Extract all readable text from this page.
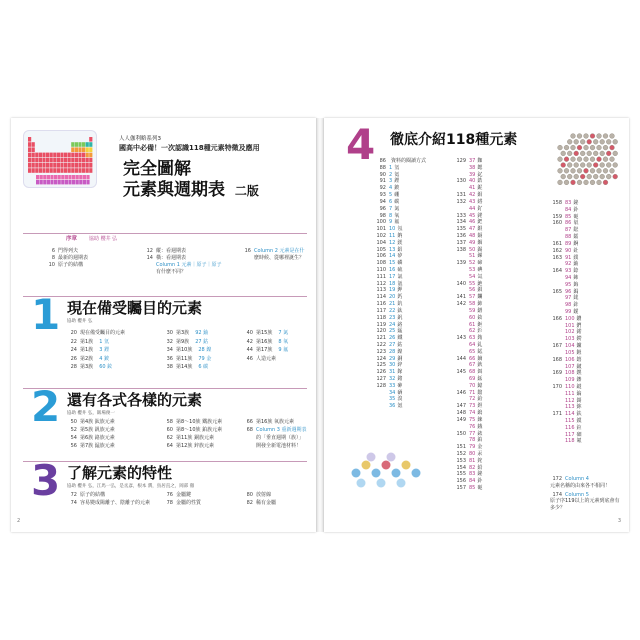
人人伽利略系列3
國高中必備！一次認識118種元素特徵及應用
完全圖解
元素與週期表 二版
序章 協助 櫻井 弘
6 門得列夫
8 最新的週期表
10 原子的結構
12 縱：看週期表
14 橫：看週期表
Column 1 元素｜原子｜原子
有什麼不同？
16 Column 2 元素是在什
麼時候、從哪裡誕生？
1 現在備受矚目的元素
協助 櫻井 弘
20 現在備受矚目的元素
22 第1族 1 氫
24 第1族 3 鋰
26 第2族 4 鈹
28 第3族 60 釹
30 第3族 92 鈾
32 第9族 27 鈷
34 第10族 28 鎳
36 第11族 79 金
38 第14族 6 碳
40 第15族 7 氮
42 第16族 8 氧
44 第17族 9 氟
46 人造元素
2 還有各式各樣的元素
協助 櫻井 弘，飯場俊一
50 第4族 鈦族元素
52 第5族 釩族元素
54 第6族 鉻族元素
56 第7族 錳族元素
58 第8～10族 鐵族元素
60 第8～10族 鉑族元素
62 第11族 銅族元素
64 第12族 鋅族元素
66 第16族 氧族元素
68 Column 3 重新週期表
的「垂直週期（族）」
開發全新電池材料！
3 了解元素的特性
協助 櫻井 弘，江馬一弘，是丞彥，根本 潤，鳥居直之，岡部 徹
72 原子的結構
74 容易變成陽離子、陰離子的元素
76 金屬鍵
78 金屬的性質
80 放射線
82 稀有金屬
2
4 徹底介紹118種元素
86 資料的閱讀方式
88 1 氫
90 2 氦
91 3 鋰
92 4 鈹
93 5 硼
94 6 碳
96 7 氮
98 8 氧
100 9 氟
101 10 氖
102 11 鈉
104 12 鎂
105 13 鋁
106 14 矽
108 15 磷
110 16 硫
111 17 氯
112 18 氬
113 19 鉀
114 20 鈣
116 21 鈧
117 22 鈦
118 23 釩
119 24 鉻
120 25 錳
121 26 鐵
122 27 鈷
123 28 鎳
124 29 銅
125 30 鋅
126 31 鎵
127 32 鍺
128 33 砷
34 硒
35 溴
36 氪
129 37 銣
38 鍶
39 釔
130 40 鋯
41 鈮
131 42 鉬
132 43 鎝
44 釕
133 45 銠
134 46 鈀
135 47 銀
136 48 鎘
137 49 銦
138 50 錫
51 銻
139 52 碲
53 碘
54 氙
140 55 銫
56 鋇
141 57 鑭
142 58 鈰
59 鐠
60 釹
61 鉕
62 釤
143 63 銪
64 釓
65 鋱
144 66 鏑
67 鈥
145 68 鉺
69 銩
70 鐿
146 71 鎦
72 鉿
147 73 鉭
148 74 鎢
149 75 錸
76 鋨
150 77 銥
78 鉑
151 79 金
152 80 汞
153 81 鉈
154 82 鉛
155 83 鉍
156 84 釙
157 85 砈
158 83 鉍
84 釙
159 85 砈
160 86 氡
87 鍅
88 鐳
161 89 錒
162 90 釷
163 91 鏷
92 鈾
164 93 錼
94 鈽
95 鋂
165 96 鋦
97 鉳
98 鉲
99 鑀
166 100 鐨
101 鍆
102 鍩
103 鐒
167 104 鑪
105 𨧀
168 106 𨭎
107 𨨏
169 108 𨭆
109 䥑
170 110 鐽
111 錀
112 鎶
113 鉨
171 114 鈇
115 鏌
116 鉝
117 鿬
118 鿫
172 Column 4
元素名稱的由來各不相同！
174 Column 5
原子序119以上的元素到底會有多少？
3
